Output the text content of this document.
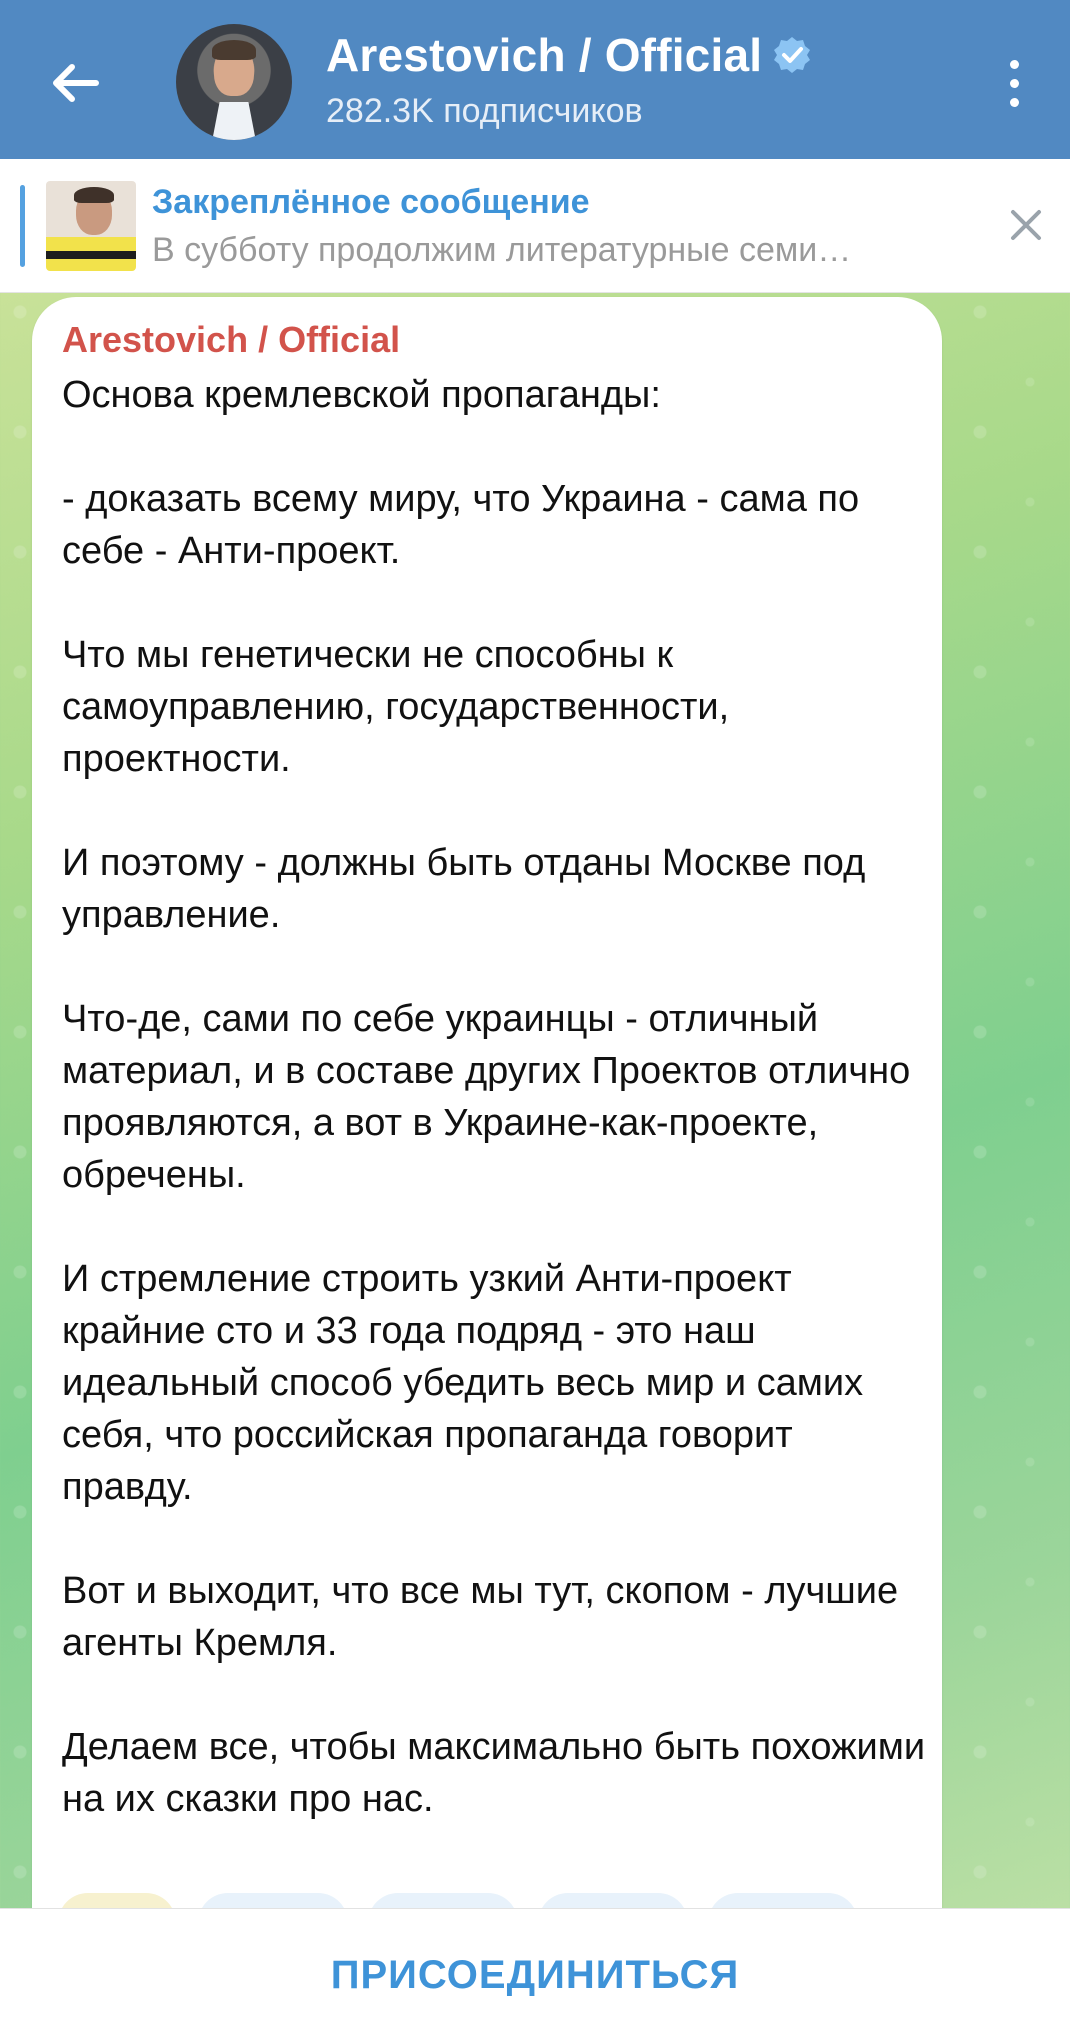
Arestovich / Official
282.3K подписчиков
Закреплённое сообщение
В субботу продолжим литературные семи…
Arestovich / Official

Основа кремлевской пропаганды:

- доказать всему миру, что Украина - сама по себе - Анти-проект.

Что мы генетически не способны к самоуправлению, государственности, проектности.

И поэтому - должны быть отданы Москве под управление.

Что-де, сами по себе украинцы - отличный материал, и в составе других Проектов отлично проявляются, а вот в Украине-как-проекте, обречены.

И стремление строить узкий Анти-проект крайние сто и 33 года подряд - это наш идеальный способ убедить весь мир и самих себя, что российская пропаганда говорит правду.

Вот и выходит, что все мы тут, скопом - лучшие агенты Кремля.

Делаем все, чтобы максимально быть похожими на их сказки про нас.

ПРИСОЕДИНИТЬСЯ
